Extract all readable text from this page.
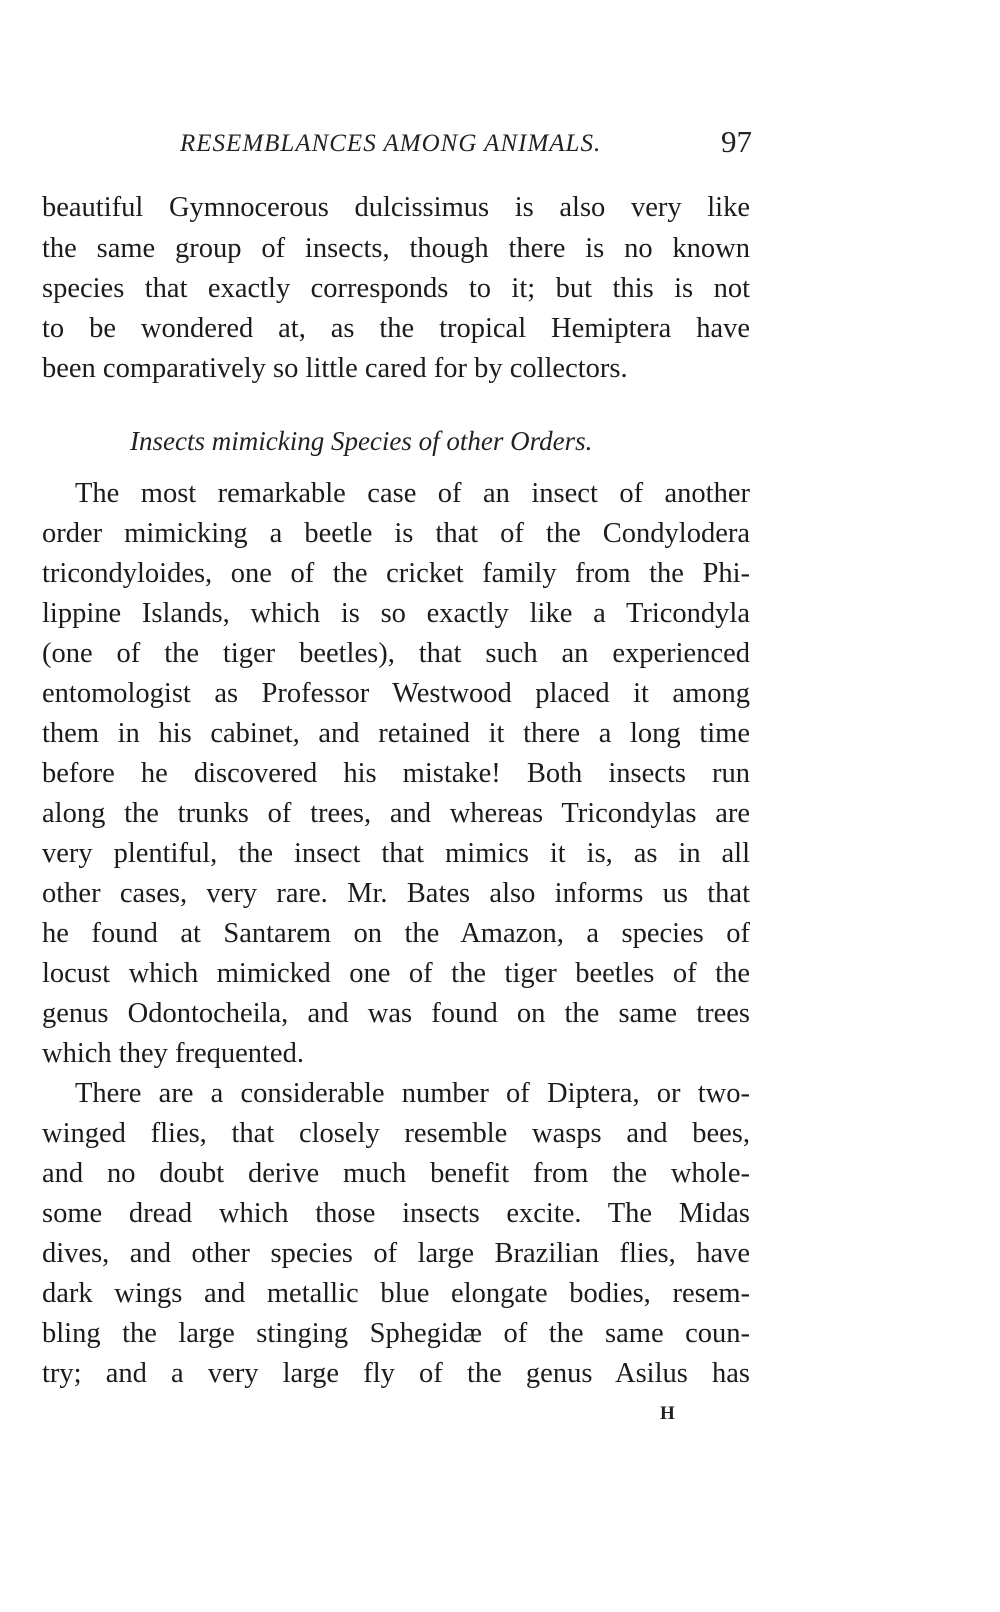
RESEMBLANCES AMONG ANIMALS.	97
beautiful Gymnocerous dulcissimus is also very like
the same group of insects, though there is no known
species that exactly corresponds to it; but this is not
to be wondered at, as the tropical Hemiptera have
been comparatively so little cared for by collectors.
Insects mimicking Species of other Orders.
The most remarkable case of an insect of another
order mimicking a beetle is that of the Condylodera
tricondyloides, one of the cricket family from the Phi-
lippine Islands, which is so exactly like a Tricondyla
(one of the tiger beetles), that such an experienced
entomologist as Professor Westwood placed it among
them in his cabinet, and retained it there a long time
before he discovered his mistake! Both insects run
along the trunks of trees, and whereas Tricondylas are
very plentiful, the insect that mimics it is, as in all
other cases, very rare. Mr. Bates also informs us that
he found at Santarem on the Amazon, a species of
locust which mimicked one of the tiger beetles of the
genus Odontocheila, and was found on the same trees
which they frequented.
There are a considerable number of Diptera, or two-
winged flies, that closely resemble wasps and bees,
and no doubt derive much benefit from the whole-
some dread which those insects excite. The Midas
dives, and other species of large Brazilian flies, have
dark wings and metallic blue elongate bodies, resem-
bling the large stinging Sphegidæ of the same coun-
try; and a very large fly of the genus Asilus has
H
